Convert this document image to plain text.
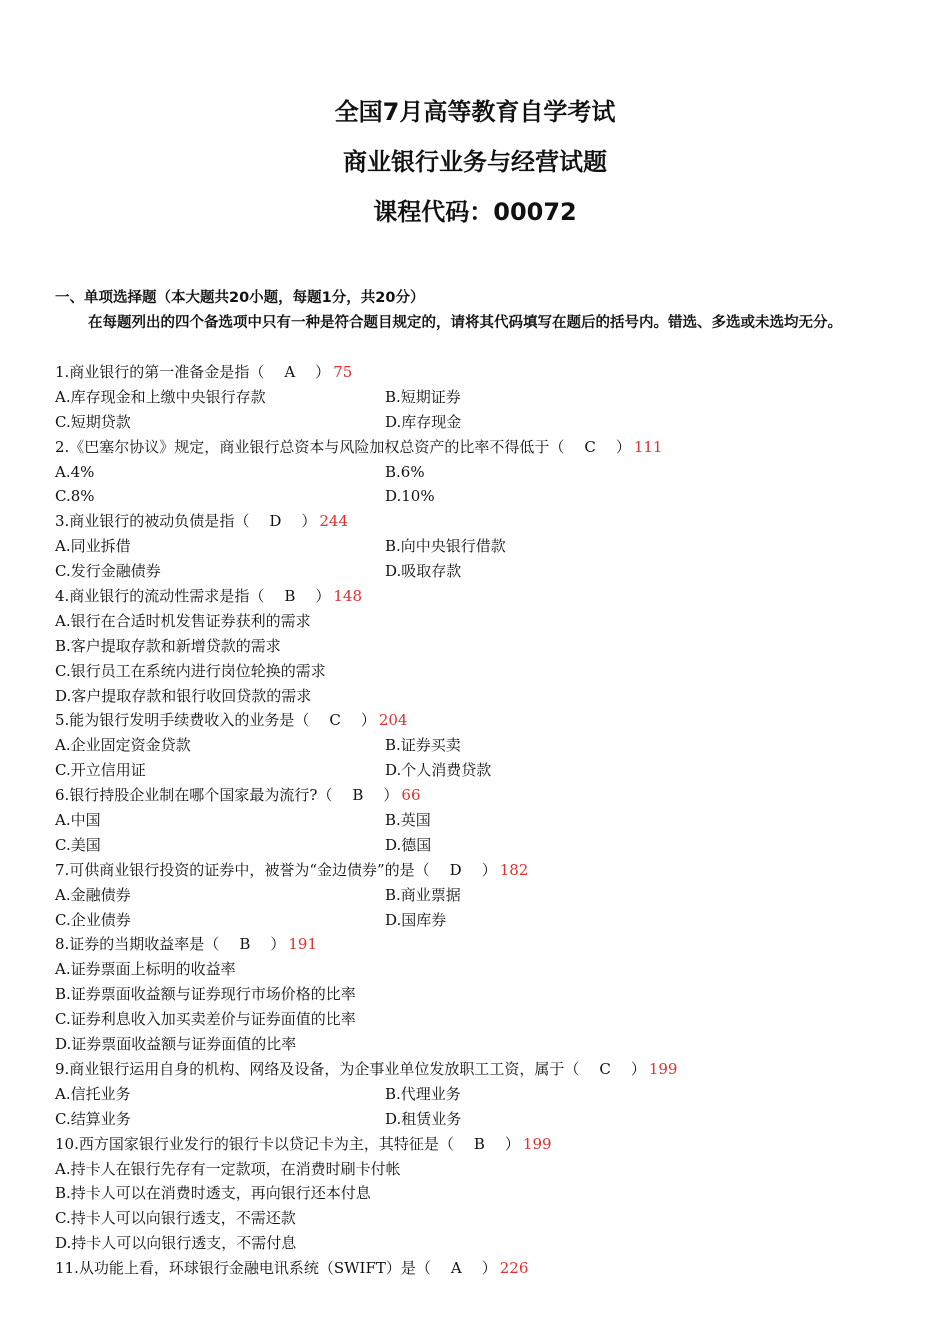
全国7月高等教育自学考试
商业银行业务与经营试题
课程代码：00072
一、单项选择题（本大题共20小题，每题1分，共20分）
在每题列出的四个备选项中只有一种是符合题目规定的，请将其代码填写在题后的括号内。错选、多选或未选均无分。
1.商业银行的第一准备金是指（	A	） 75
A.库存现金和上缴中央银行存款	B.短期证券
C.短期贷款	D.库存现金
2.《巴塞尔协议》规定，商业银行总资本与风险加权总资产的比率不得低于（	C	） 111
A.4%	B.6%
C.8%	D.10%
3.商业银行的被动负债是指（	D	） 244
A.同业拆借	B.向中央银行借款
C.发行金融债券	D.吸取存款
4.商业银行的流动性需求是指（	B	） 148
A.银行在合适时机发售证券获利的需求
B.客户提取存款和新增贷款的需求
C.银行员工在系统内进行岗位轮换的需求
D.客户提取存款和银行收回贷款的需求
5.能为银行发明手续费收入的业务是（	C	） 204
A.企业固定资金贷款	B.证券买卖
C.开立信用证	D.个人消费贷款
6.银行持股企业制在哪个国家最为流行?（	B	） 66
A.中国	B.英国
C.美国	D.德国
7.可供商业银行投资的证券中，被誉为“金边债券”的是（	D	） 182
A.金融债券	B.商业票据
C.企业债券	D.国库券
8.证券的当期收益率是（	B	） 191
A.证券票面上标明的收益率
B.证券票面收益额与证券现行市场价格的比率
C.证券利息收入加买卖差价与证券面值的比率
D.证券票面收益额与证券面值的比率
9.商业银行运用自身的机构、网络及设备，为企事业单位发放职工工资，属于（	C	） 199
A.信托业务	B.代理业务
C.结算业务	D.租赁业务
10.西方国家银行业发行的银行卡以贷记卡为主，其特征是（	B	） 199
A.持卡人在银行先存有一定款项，在消费时刷卡付帐
B.持卡人可以在消费时透支，再向银行还本付息
C.持卡人可以向银行透支，不需还款
D.持卡人可以向银行透支，不需付息
11.从功能上看，环球银行金融电讯系统（SWIFT）是（	A	） 226
